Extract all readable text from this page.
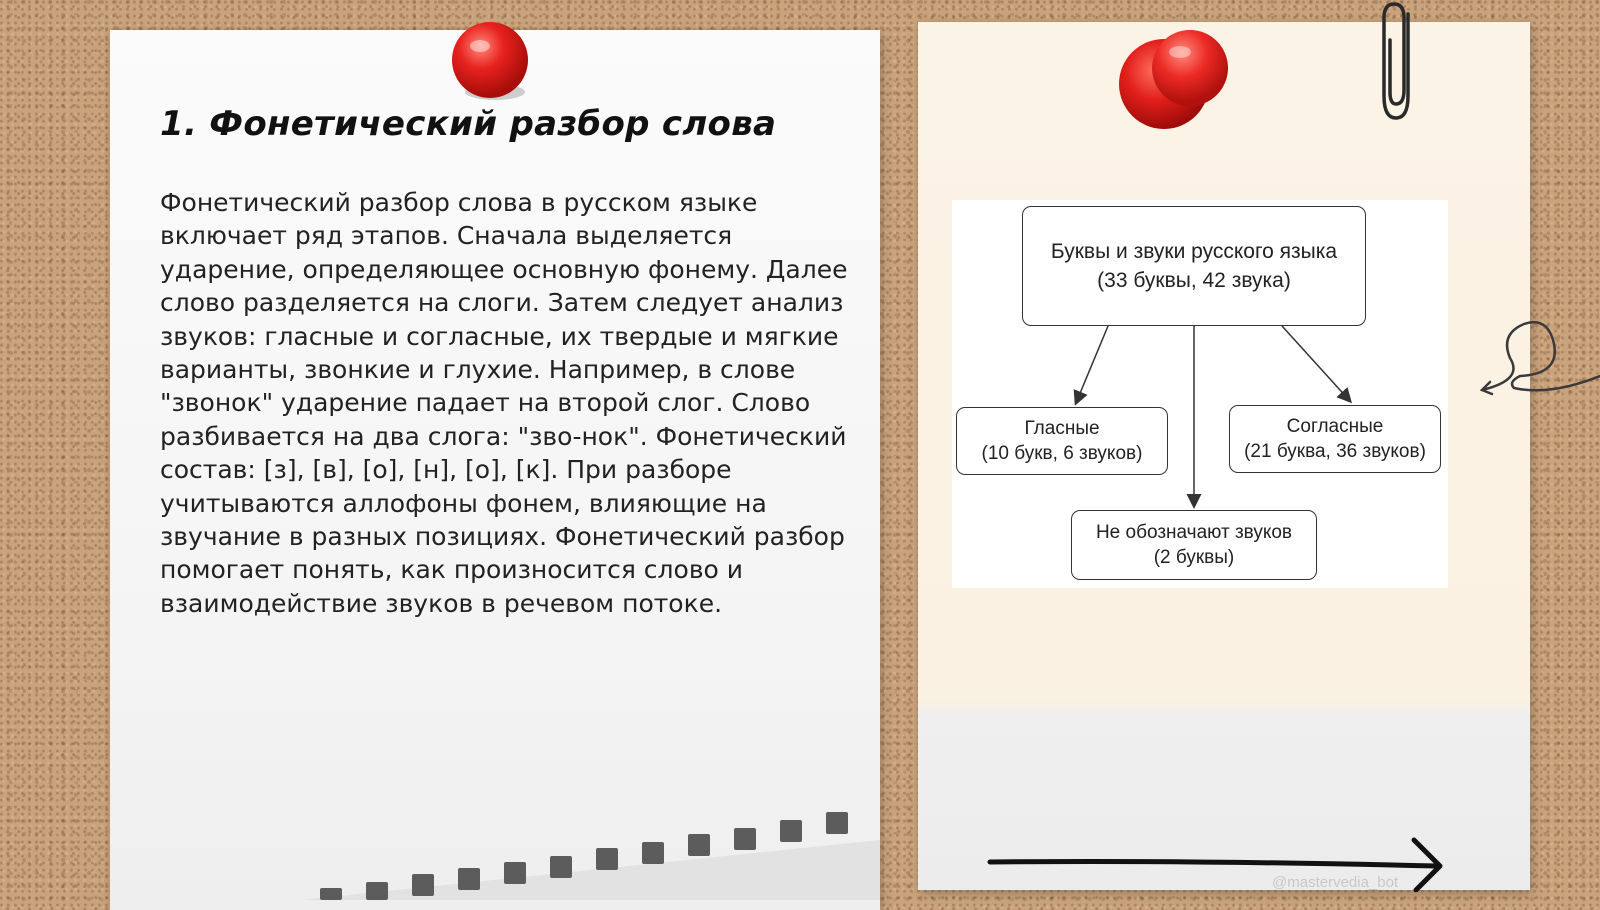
1. Фонетический разбор слова

Фонетический разбор слова в русском языке включает ряд этапов. Сначала выделяется ударение, определяющее основную фонему. Далее слово разделяется на слоги. Затем следует анализ звуков: гласные и согласные, их твердые и мягкие варианты, звонкие и глухие. Например, в слове "звонок" ударение падает на второй слог. Слово разбивается на два слога: "зво-нок". Фонетический состав: [з], [в], [о], [н], [о], [к]. При разборе учитываются аллофоны фонем, влияющие на звучание в разных позициях. Фонетический разбор помогает понять, как произносится слово и взаимодействие звуков в речевом потоке.

Буквы и звуки русского языка
(33 буквы, 42 звука)
Гласные
(10 букв, 6 звуков)
Согласные
(21 буква, 36 звуков)
Не обозначают звуков
(2 буквы)
@mastervedia_bot
